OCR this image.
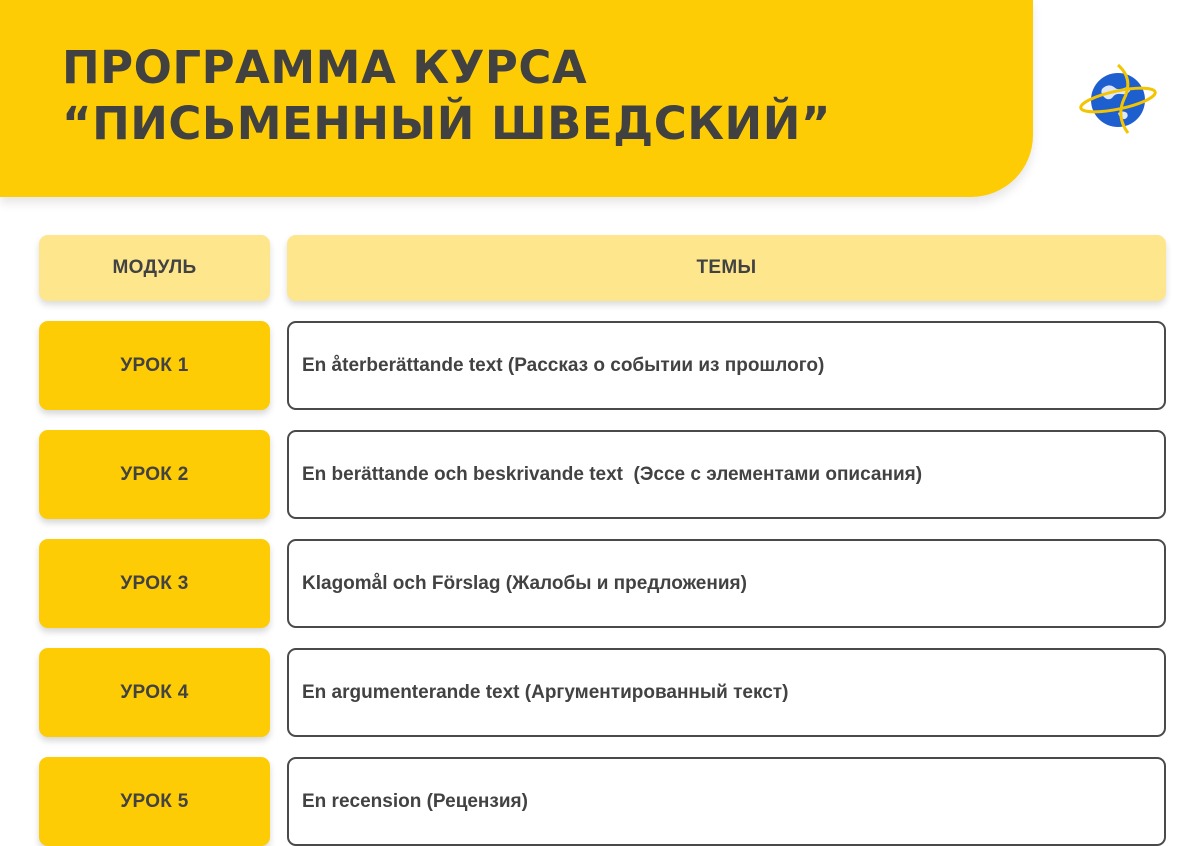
ПРОГРАММА КУРСА
“ПИСЬМЕННЫЙ ШВЕДСКИЙ”
МОДУЛЬ	ТЕМЫ
УРОК 1	En återberättande text (Рассказ о событии из прошлого)
УРОК 2	En berättande och beskrivande text  (Эссе с элементами описания)
УРОК 3	Klagomål och Förslag (Жалобы и предложения)
УРОК 4	En argumenterande text (Аргументированный текст)
УРОК 5	En recension (Рецензия)
